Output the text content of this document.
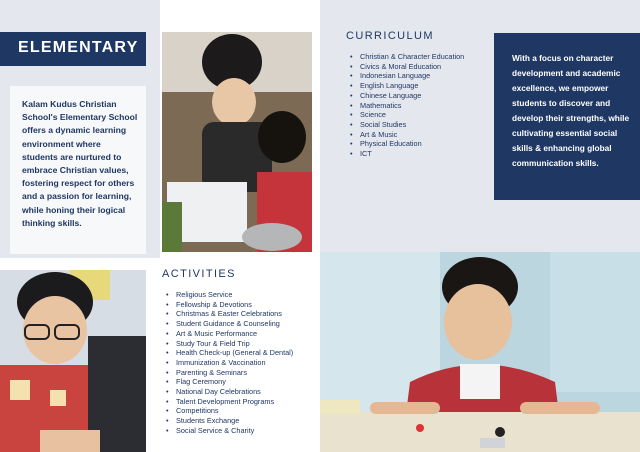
ELEMENTARY
Kalam Kudus Christian School's Elementary School offers a dynamic learning environment where students are nurtured to embrace Christian values, fostering respect for others and a passion for learning, while honing their logical thinking skills.
CURRICULUM
• Christian & Character Education
• Civics & Moral Education
• Indonesian Language
• English Language
• Chinese Language
• Mathematics
• Science
• Social Studies
• Art & Music
• Physical Education
• ICT
With a focus on character development and academic excellence, we empower students to discover and develop their strengths, while cultivating essential social skills & enhancing global communication skills.
ACTIVITIES
• Religious Service
• Fellowship & Devotions
• Christmas & Easter Celebrations
• Student Guidance & Counseling
• Art & Music Performance
• Study Tour & Field Trip
• Health Check-up (General & Dental)
• Immunization & Vaccination
• Parenting & Seminars
• Flag Ceremony
• National Day Celebrations
• Talent Development Programs
• Competitions
• Students Exchange
• Social Service & Charity
